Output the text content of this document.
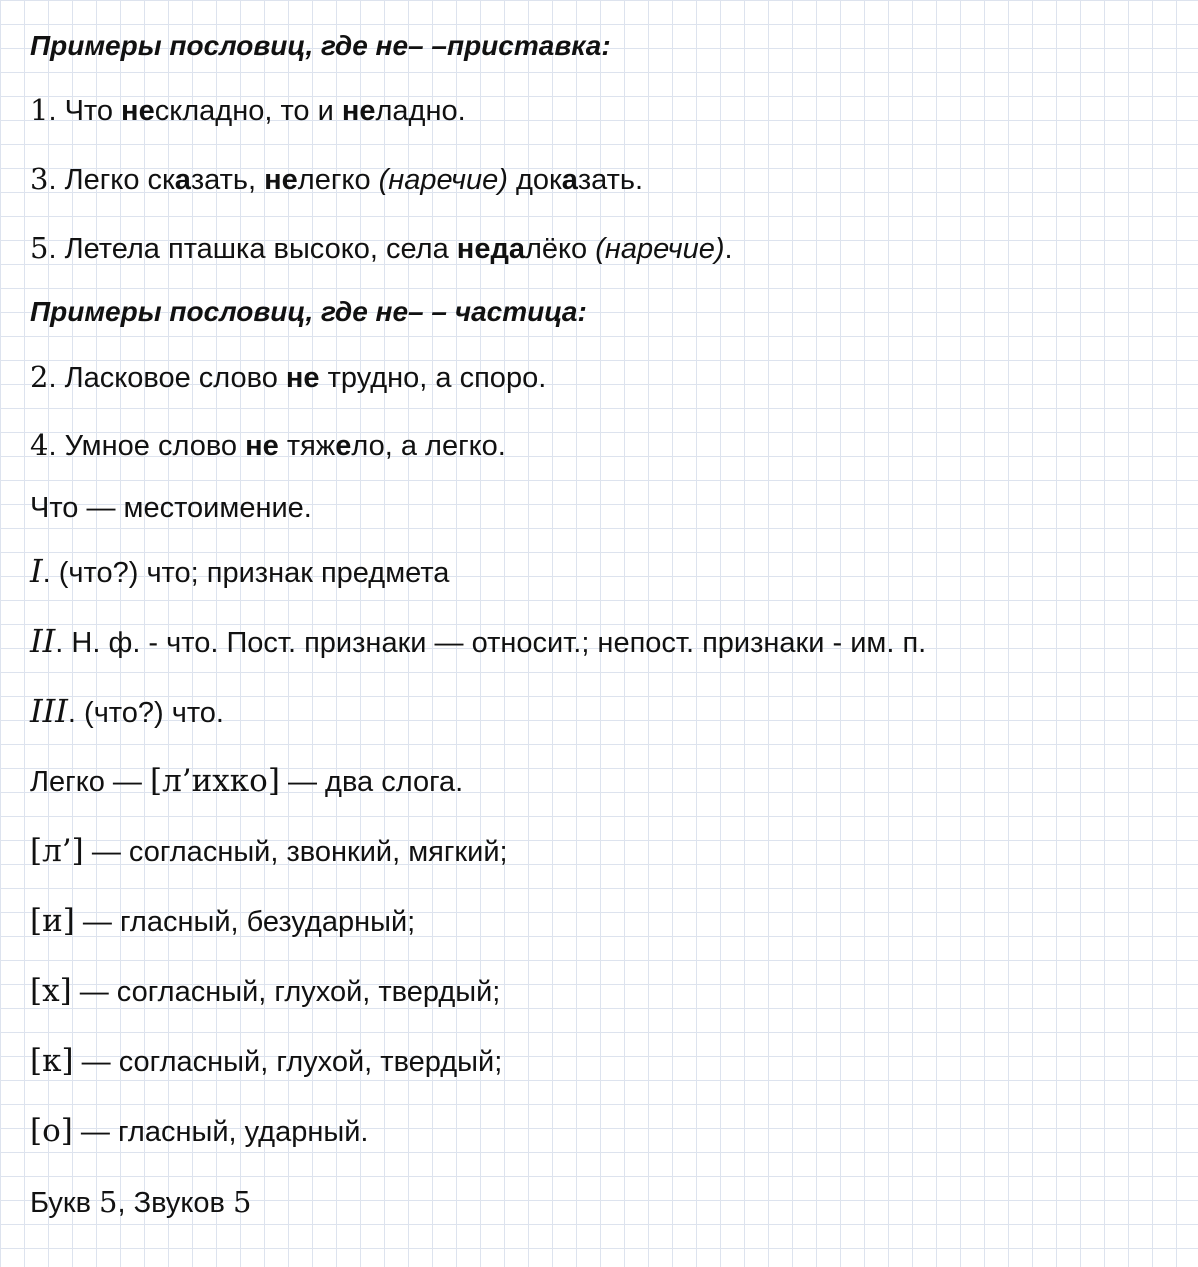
Примеры пословиц, где не– –приставка:
1. Что нескладно, то и неладно.
3. Легко сказать, нелегко (наречие) доказать.
5. Летела пташка высоко, села недалёко (наречие).
Примеры пословиц, где не– – частица:
2. Ласковое слово не трудно, а споро.
4. Умное слово не тяжело, а легко.
Что — местоимение.
I. (что?) что; признак предмета
II. Н. ф. - что. Пост. признаки — относит.; непост. признаки - им. п.
III. (что?) что.
Легко — [л’ихко] — два слога.
[л’] — согласный, звонкий, мягкий;
[и] — гласный, безударный;
[х] — согласный, глухой, твердый;
[к] — согласный, глухой, твердый;
[о] — гласный, ударный.
Букв 5, Звуков 5
